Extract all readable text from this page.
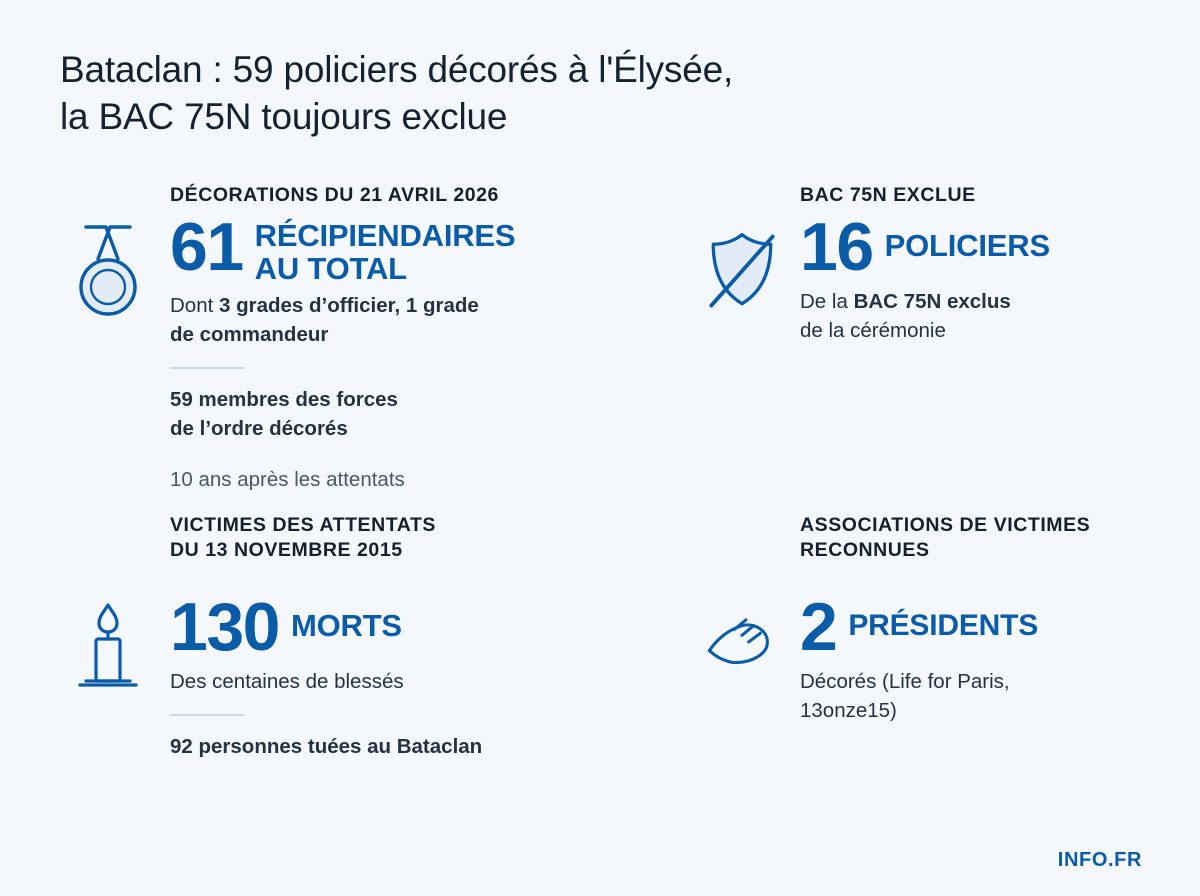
Bataclan : 59 policiers décorés à l'Élysée,
la BAC 75N toujours exclue

DÉCORATIONS DU 21 AVRIL 2026

61 RÉCIPIENDAIRES
AU TOTAL

Dont 3 grades d’officier, 1 grade
de commandeur

59 membres des forces
de l’ordre décorés

10 ans après les attentats

BAC 75N EXCLUE

16 POLICIERS

De la BAC 75N exclus
de la cérémonie

VICTIMES DES ATTENTATS
DU 13 NOVEMBRE 2015

130 MORTS

Des centaines de blessés

92 personnes tuées au Bataclan

ASSOCIATIONS DE VICTIMES
RECONNUES

2 PRÉSIDENTS

Décorés (Life for Paris,
13onze15)

INFO.FR
